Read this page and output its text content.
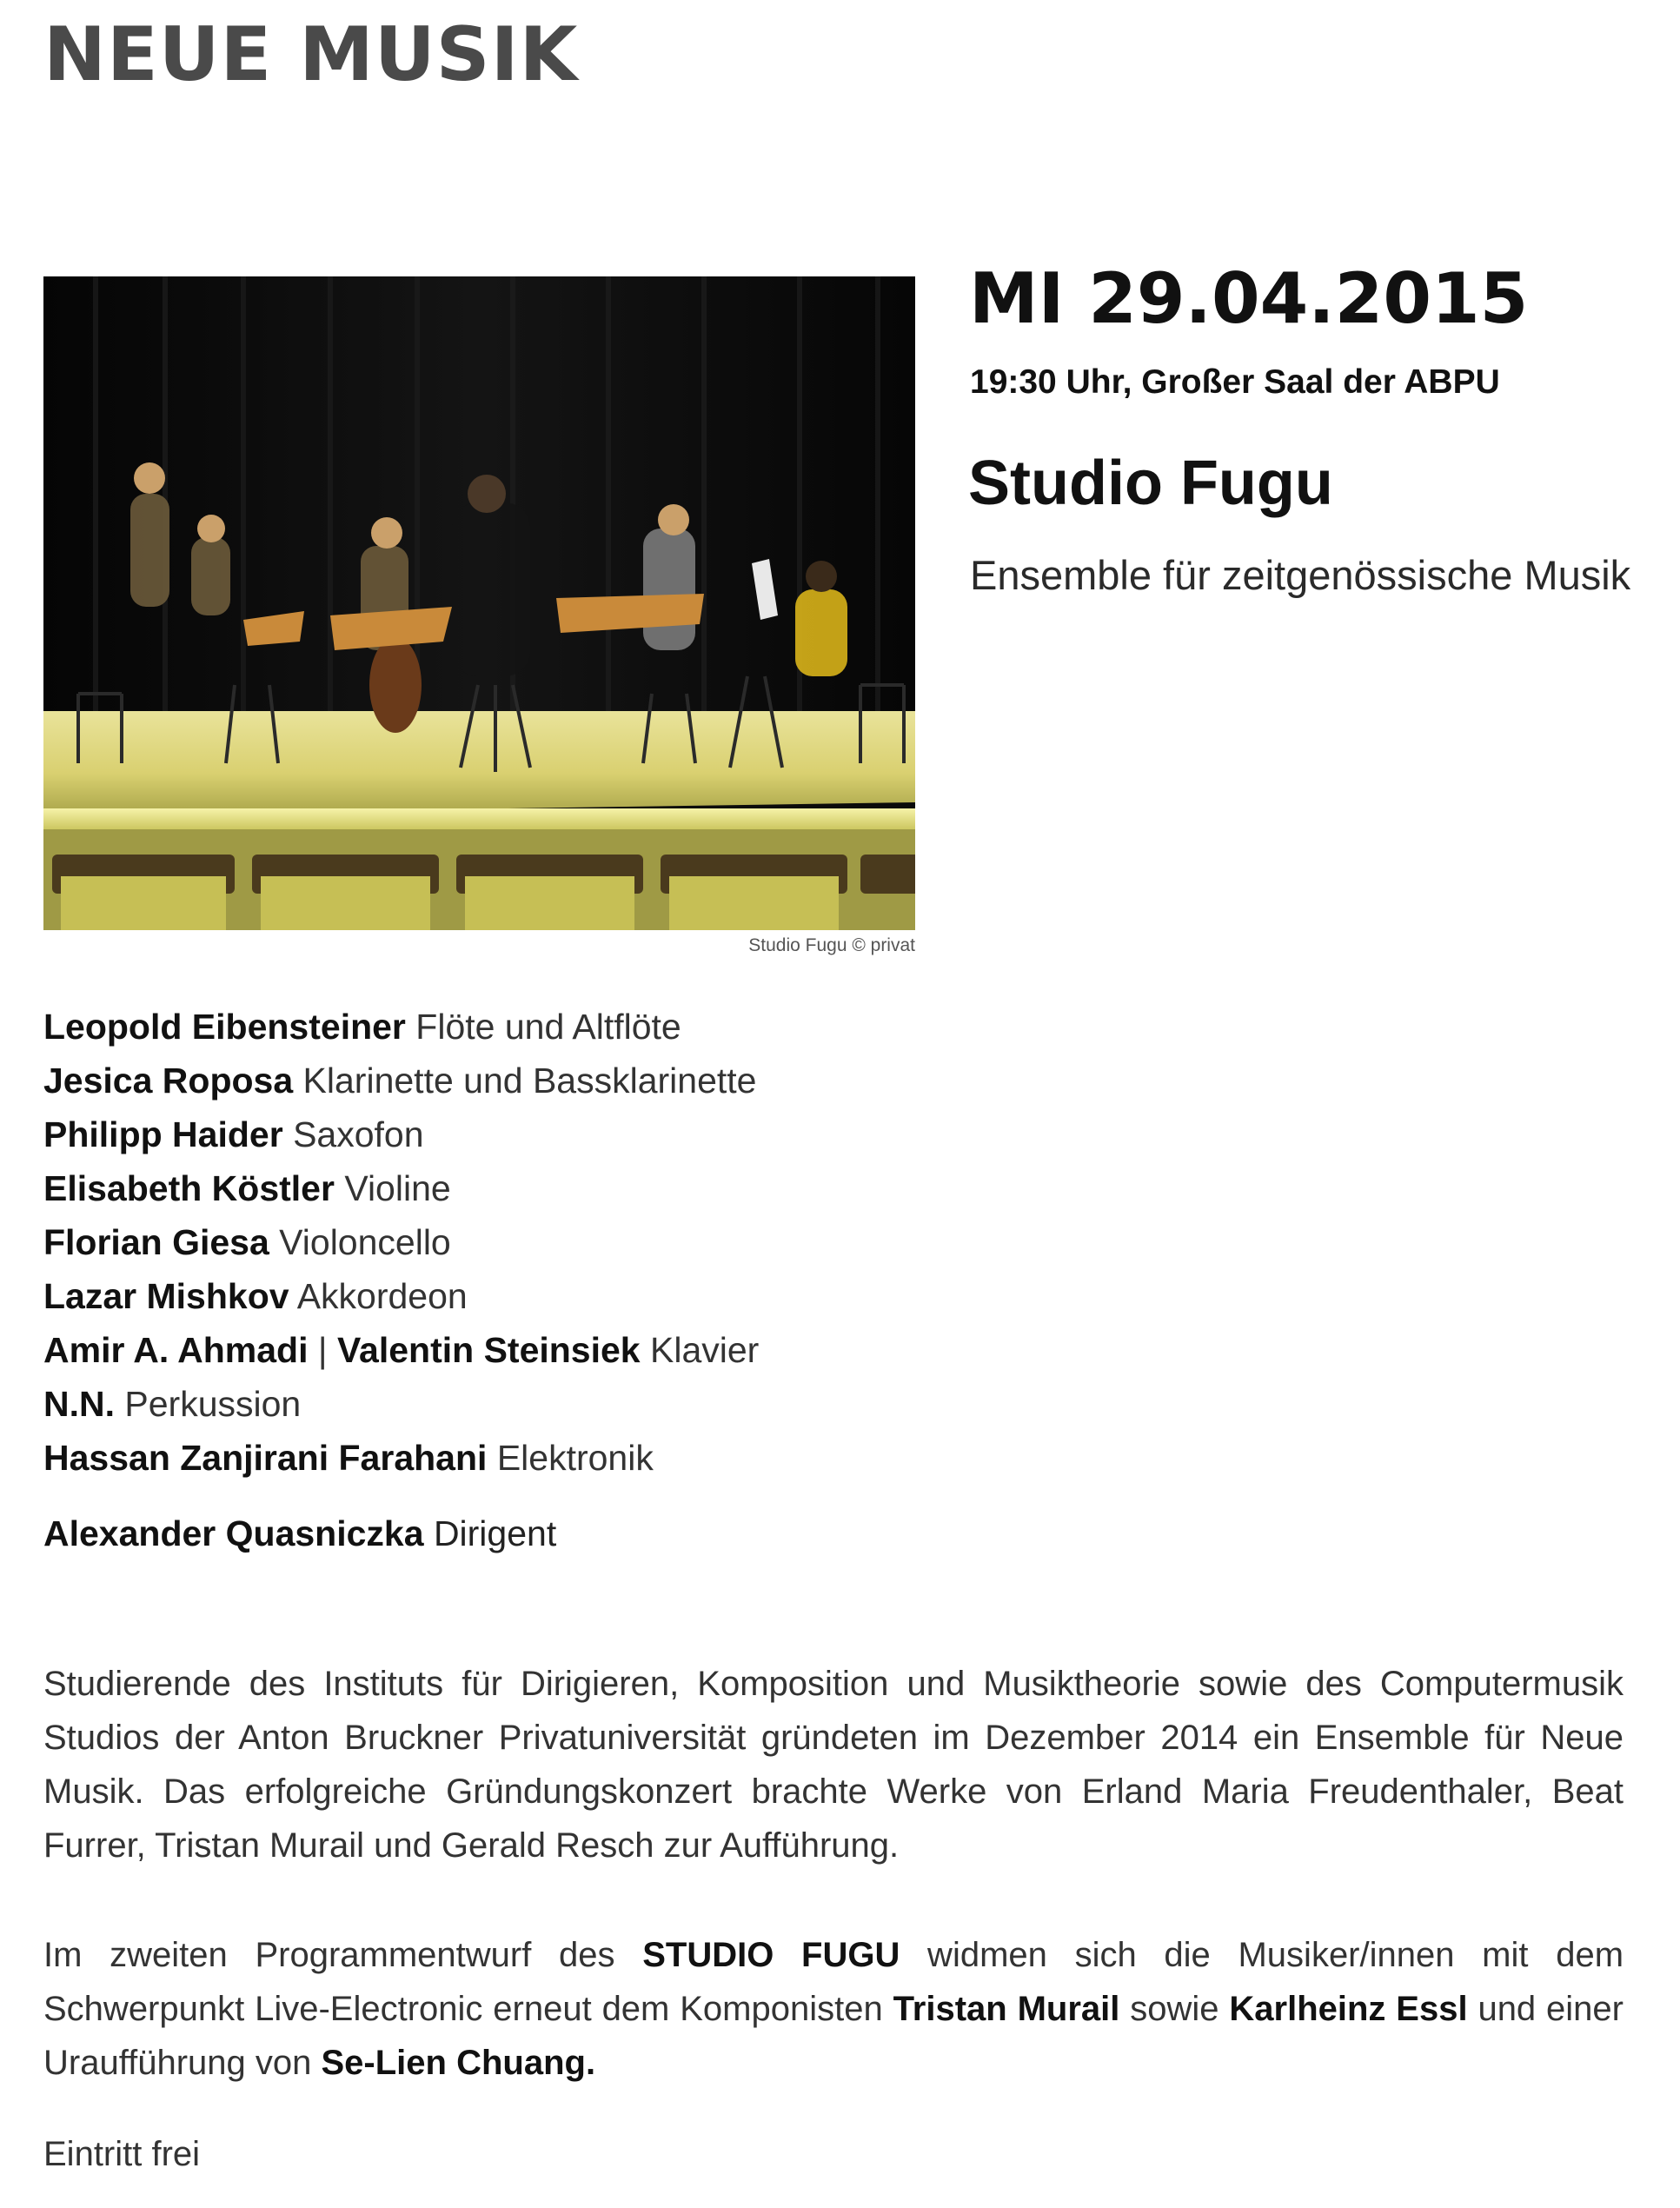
NEUE MUSIK
Studio Fugu © privat
MI 29.04.2015
19:30 Uhr, Großer Saal der ABPU
Studio Fugu
Ensemble für zeitgenössische Musik
Leopold Eibensteiner Flöte und Altflöte
Jesica Roposa Klarinette und Bassklarinette
Philipp Haider Saxofon
Elisabeth Köstler Violine
Florian Giesa Violoncello
Lazar Mishkov Akkordeon
Amir A. Ahmadi | Valentin Steinsiek Klavier
N.N. Perkussion
Hassan Zanjirani Farahani Elektronik
Alexander Quasniczka Dirigent

Studierende des Instituts für Dirigieren, Komposition und Musiktheorie sowie des Computermusik Studios der Anton Bruckner Privatuniversität gründeten im Dezember 2014 ein Ensemble für Neue Musik. Das erfolgreiche Gründungskonzert brachte Werke von Erland Maria Freudenthaler, Beat Furrer, Tristan Murail und Gerald Resch zur Aufführung.

Im zweiten Programmentwurf des STUDIO FUGU widmen sich die Musiker/innen mit dem Schwerpunkt Live-Electronic erneut dem Komponisten Tristan Murail sowie Karlheinz Essl und einer Uraufführung von Se-Lien Chuang.

Eintritt frei
